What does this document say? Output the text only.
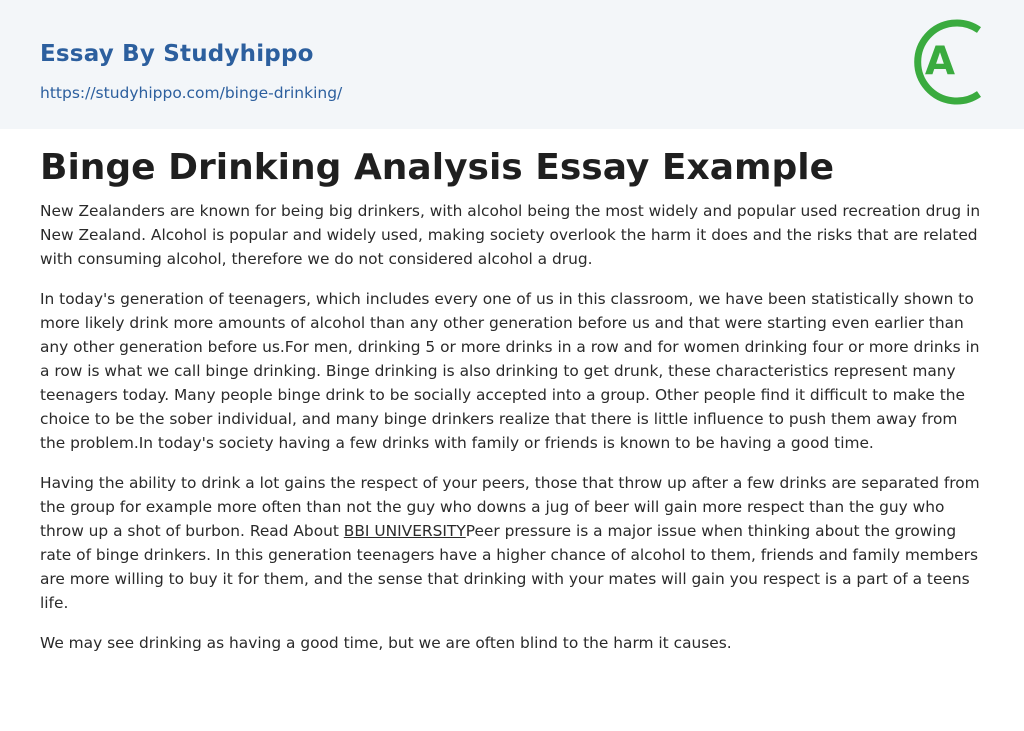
Essay By Studyhippo
https://studyhippo.com/binge-drinking/
A
Binge Drinking Analysis Essay Example

New Zealanders are known for being big drinkers, with alcohol being the most widely and popular used recreation drug in New Zealand. Alcohol is popular and widely used, making society overlook the harm it does and the risks that are related with consuming alcohol, therefore we do not considered alcohol a drug.

In today's generation of teenagers, which includes every one of us in this classroom, we have been statistically shown to more likely drink more amounts of alcohol than any other generation before us and that were starting even earlier than any other generation before us.For men, drinking 5 or more drinks in a row and for women drinking four or more drinks in a row is what we call binge drinking. Binge drinking is also drinking to get drunk, these characteristics represent many teenagers today. Many people binge drink to be socially accepted into a group. Other people find it difficult to make the choice to be the sober individual, and many binge drinkers realize that there is little influence to push them away from the problem.In today's society having a few drinks with family or friends is known to be having a good time.

Having the ability to drink a lot gains the respect of your peers, those that throw up after a few drinks are separated from the group for example more often than not the guy who downs a jug of beer will gain more respect than the guy who throw up a shot of burbon. Read About BBI UNIVERSITYPeer pressure is a major issue when thinking about the growing rate of binge drinkers. In this generation teenagers have a higher chance of alcohol to them, friends and family members are more willing to buy it for them, and the sense that drinking with your mates will gain you respect is a part of a teens life.

We may see drinking as having a good time, but we are often blind to the harm it causes.
